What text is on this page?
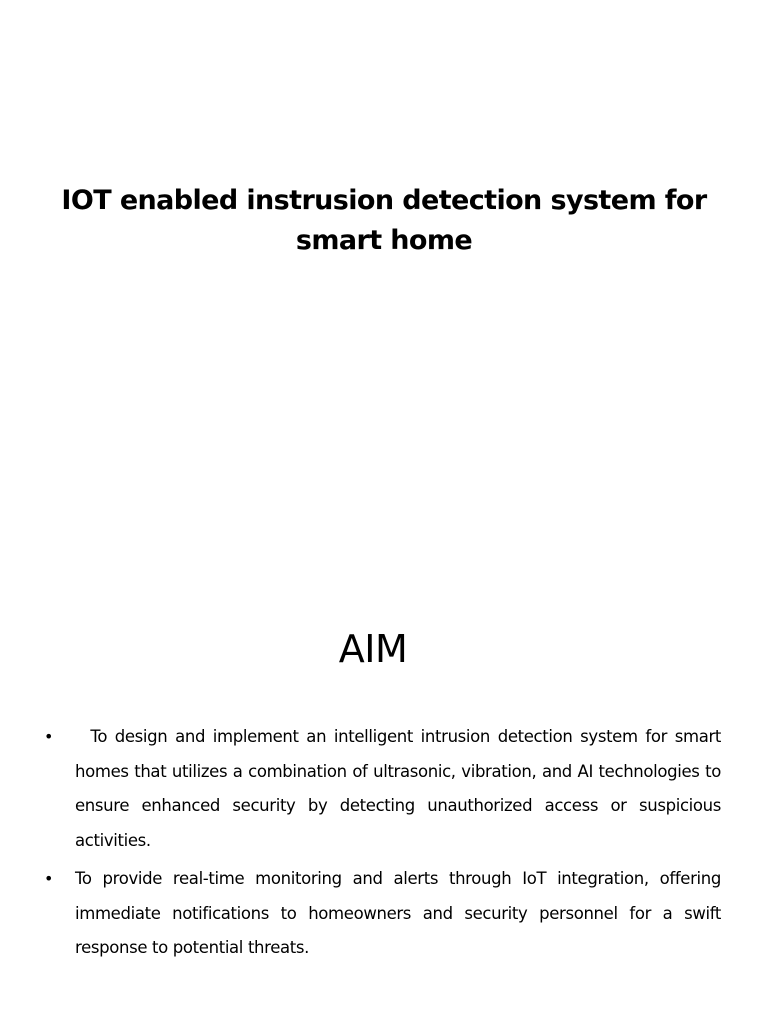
IOT enabled instrusion detection system for
smart home
AIM
• To design and implement an intelligent intrusion detection system for smart homes that utilizes a combination of ultrasonic, vibration, and AI technologies to ensure enhanced security by detecting unauthorized access or suspicious activities.
• To provide real-time monitoring and alerts through IoT integration, offering immediate notifications to homeowners and security personnel for a swift response to potential threats.
